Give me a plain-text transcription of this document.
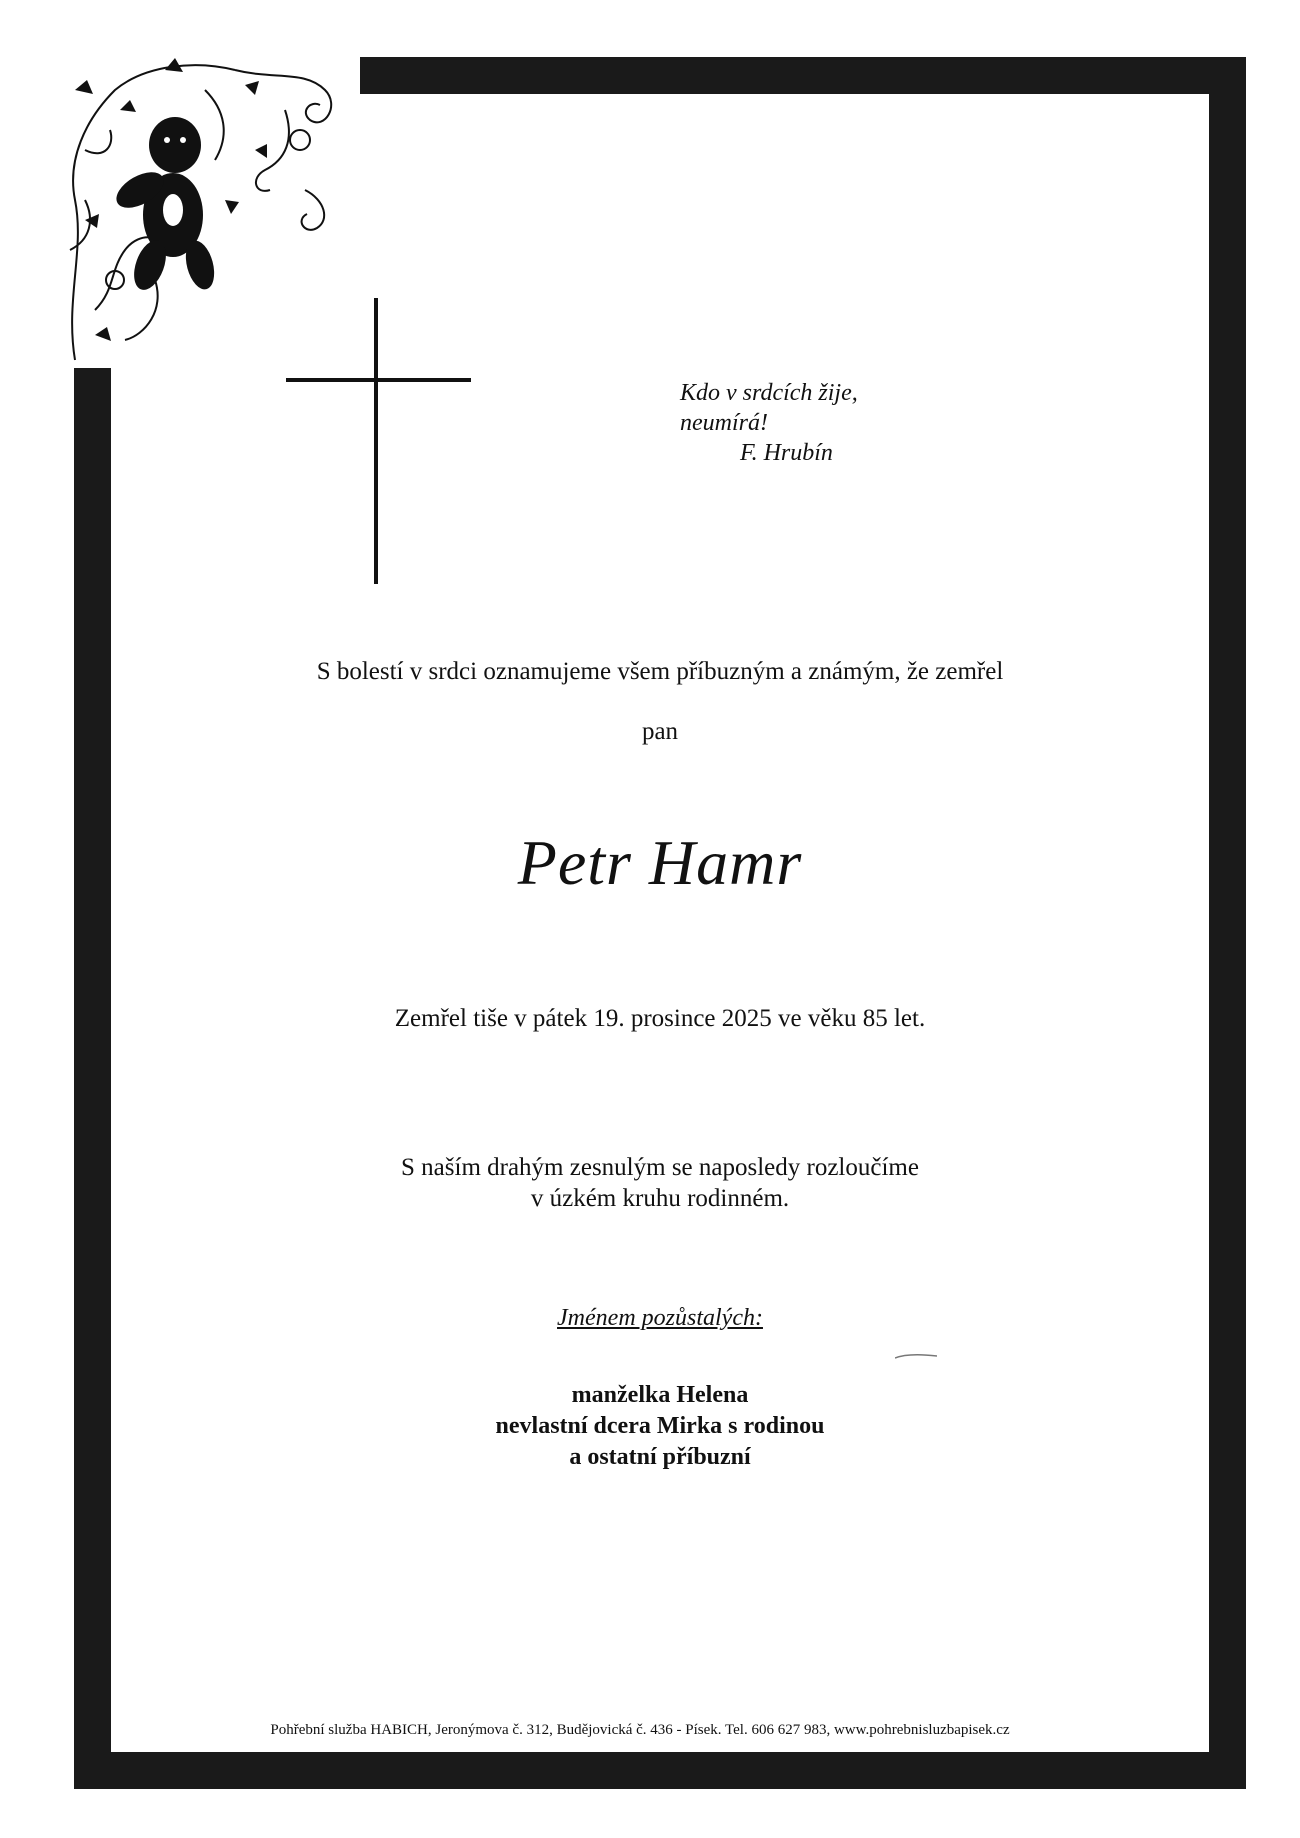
Kdo v srdcích žije,
neumírá!
F. Hrubín
S bolestí v srdci oznamujeme všem příbuzným a známým, že zemřel
pan
Petr Hamr
Zemřel tiše v pátek 19. prosince 2025 ve věku 85 let.
S naším drahým zesnulým se naposledy rozloučíme
v úzkém kruhu rodinném.
Jménem pozůstalých:
manželka Helena
nevlastní dcera Mirka s rodinou
a ostatní příbuzní
Pohřební služba HABICH, Jeronýmova č. 312, Budějovická č. 436 - Písek. Tel. 606 627 983, www.pohrebnisluzbapisek.cz
